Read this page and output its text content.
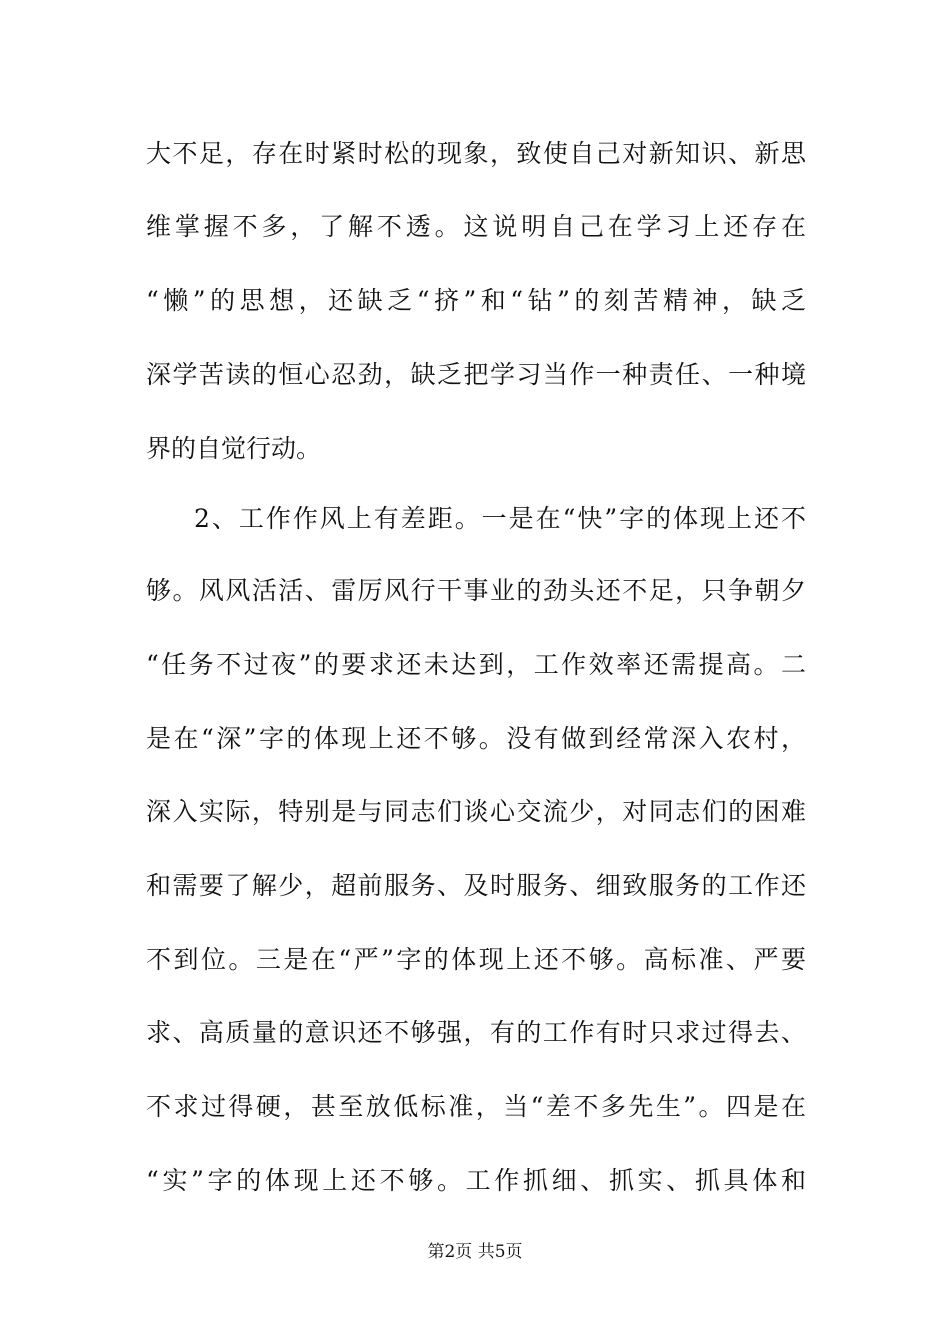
大不足，存在时紧时松的现象，致使自己对新知识、新思
维掌握不多，了解不透。这说明自己在学习上还存在
“懒”的思想，还缺乏“挤”和“钻”的刻苦精神，缺乏
深学苦读的恒心忍劲，缺乏把学习当作一种责任、一种境
界的自觉行动。
2、工作作风上有差距。一是在“快”字的体现上还不
够。风风活活、雷厉风行干事业的劲头还不足，只争朝夕
“任务不过夜”的要求还未达到，工作效率还需提高。二
是在“深”字的体现上还不够。没有做到经常深入农村，
深入实际，特别是与同志们谈心交流少，对同志们的困难
和需要了解少，超前服务、及时服务、细致服务的工作还
不到位。三是在“严”字的体现上还不够。高标准、严要
求、高质量的意识还不够强，有的工作有时只求过得去、
不求过得硬，甚至放低标准，当“差不多先生”。四是在
“实”字的体现上还不够。工作抓细、抓实、抓具体和
第2页 共5页
